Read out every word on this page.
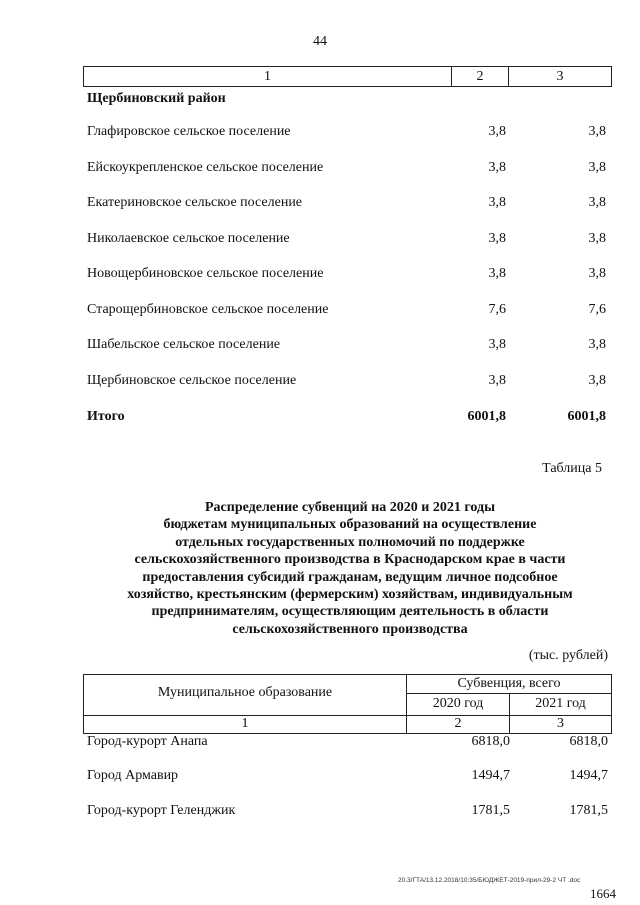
44
1	2	3
Щербиновский район
Глафировское сельское поселение	3,8	3,8
Ейскоукрепленское сельское поселение	3,8	3,8
Екатериновское сельское поселение	3,8	3,8
Николаевское сельское поселение	3,8	3,8
Новощербиновское сельское поселение	3,8	3,8
Старощербиновское сельское поселение	7,6	7,6
Шабельское сельское поселение	3,8	3,8
Щербиновское сельское поселение	3,8	3,8
Итого	6001,8	6001,8
Таблица 5
Распределение субвенций на 2020 и 2021 годы
бюджетам муниципальных образований на осуществление
отдельных государственных полномочий по поддержке
сельскохозяйственного производства в Краснодарском крае в части
предоставления субсидий гражданам, ведущим личное подсобное
хозяйство, крестьянским (фермерским) хозяйствам, индивидуальным
предпринимателям, осуществляющим деятельность в области
сельскохозяйственного производства
(тыс. рублей)
Муниципальное образование
Субвенция, всего
2020 год	2021 год
1	2	3
Город-курорт Анапа	6818,0	6818,0
Город Армавир	1494,7	1494,7
Город-курорт Геленджик	1781,5	1781,5
20.3/ГТА/13.12.2018/10:35/БЮДЖЕТ-2019-прил-29-2 ЧТ .doc
1664
